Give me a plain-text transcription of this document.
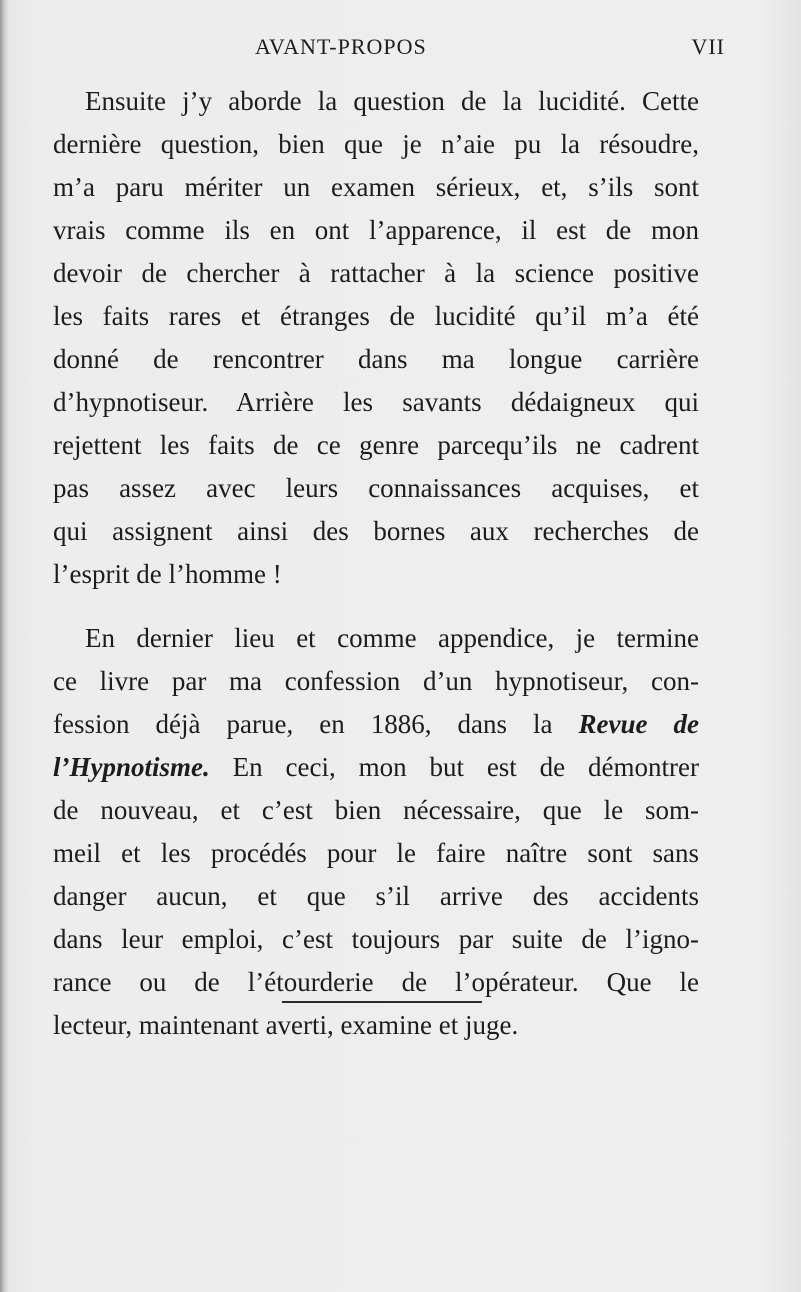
AVANT-PROPOS	VII
Ensuite j’y aborde la question de la lucidité. Cette
dernière question, bien que je n’aie pu la résoudre,
m’a paru mériter un examen sérieux, et, s’ils sont
vrais comme ils en ont l’apparence, il est de mon
devoir de chercher à rattacher à la science positive
les faits rares et étranges de lucidité qu’il m’a été
donné de rencontrer dans ma longue carrière
d’hypnotiseur. Arrière les savants dédaigneux qui
rejettent les faits de ce genre parcequ’ils ne cadrent
pas assez avec leurs connaissances acquises, et
qui assignent ainsi des bornes aux recherches de
l’esprit de l’homme !
En dernier lieu et comme appendice, je termine
ce livre par ma confession d’un hypnotiseur, con-
fession déjà parue, en 1886, dans la Revue de
l’Hypnotisme. En ceci, mon but est de démontrer
de nouveau, et c’est bien nécessaire, que le som-
meil et les procédés pour le faire naître sont sans
danger aucun, et que s’il arrive des accidents
dans leur emploi, c’est toujours par suite de l’igno-
rance ou de l’étourderie de l’opérateur. Que le
lecteur, maintenant averti, examine et juge.
